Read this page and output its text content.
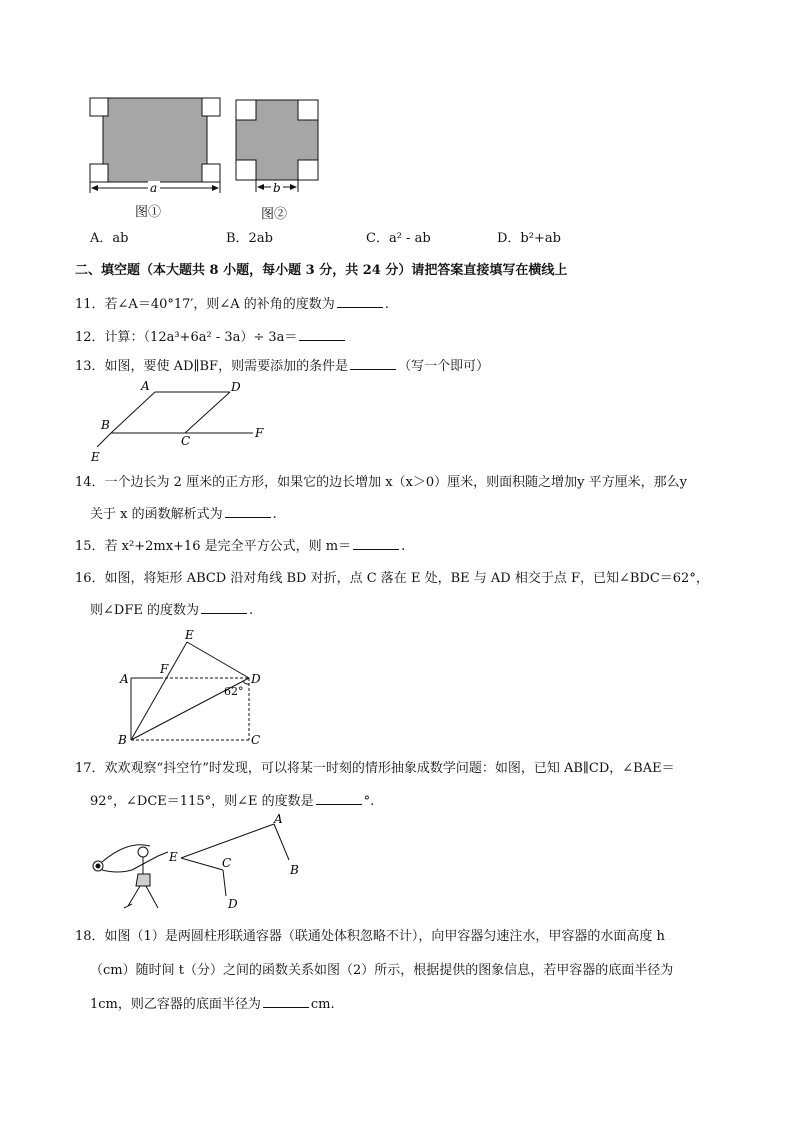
a	b
图①	图②
A．ab	B．2ab	C．a² - ab	D．b²+ab
二、填空题（本大题共 8 小题，每小题 3 分，共 24 分）请把答案直接填写在横线上
11．若∠A＝40°17′，则∠A 的补角的度数为	.
12．计算：（12a³+6a² - 3a）÷ 3a＝
13．如图，要使 AD∥BF，则需要添加的条件是	（写一个即可）
A	D
B
C
F
E
14．一个边长为 2 厘米的正方形，如果它的边长增加 x（x＞0）厘米，则面积随之增加y 平方厘米，那么y
关于 x 的函数解析式为	.
15．若 x²+2mx+16 是完全平方公式，则 m＝	.
16．如图，将矩形 ABCD 沿对角线 BD 对折，点 C 落在 E 处，BE 与 AD 相交于点 F，已知∠BDC＝62°，
则∠DFE 的度数为	.
E
F
A	D
B	C
62°
17．欢欢观察“抖空竹”时发现，可以将某一时刻的情形抽象成数学问题：如图，已知 AB∥CD，∠BAE＝
92°，∠DCE＝115°，则∠E 的度数是	°.
A
B
C
D
E
18．如图（1）是两圆柱形联通容器（联通处体积忽略不计），向甲容器匀速注水，甲容器的水面高度 h
（cm）随时间 t（分）之间的函数关系如图（2）所示，根据提供的图象信息，若甲容器的底面半径为
1cm，则乙容器的底面半径为	cm.
